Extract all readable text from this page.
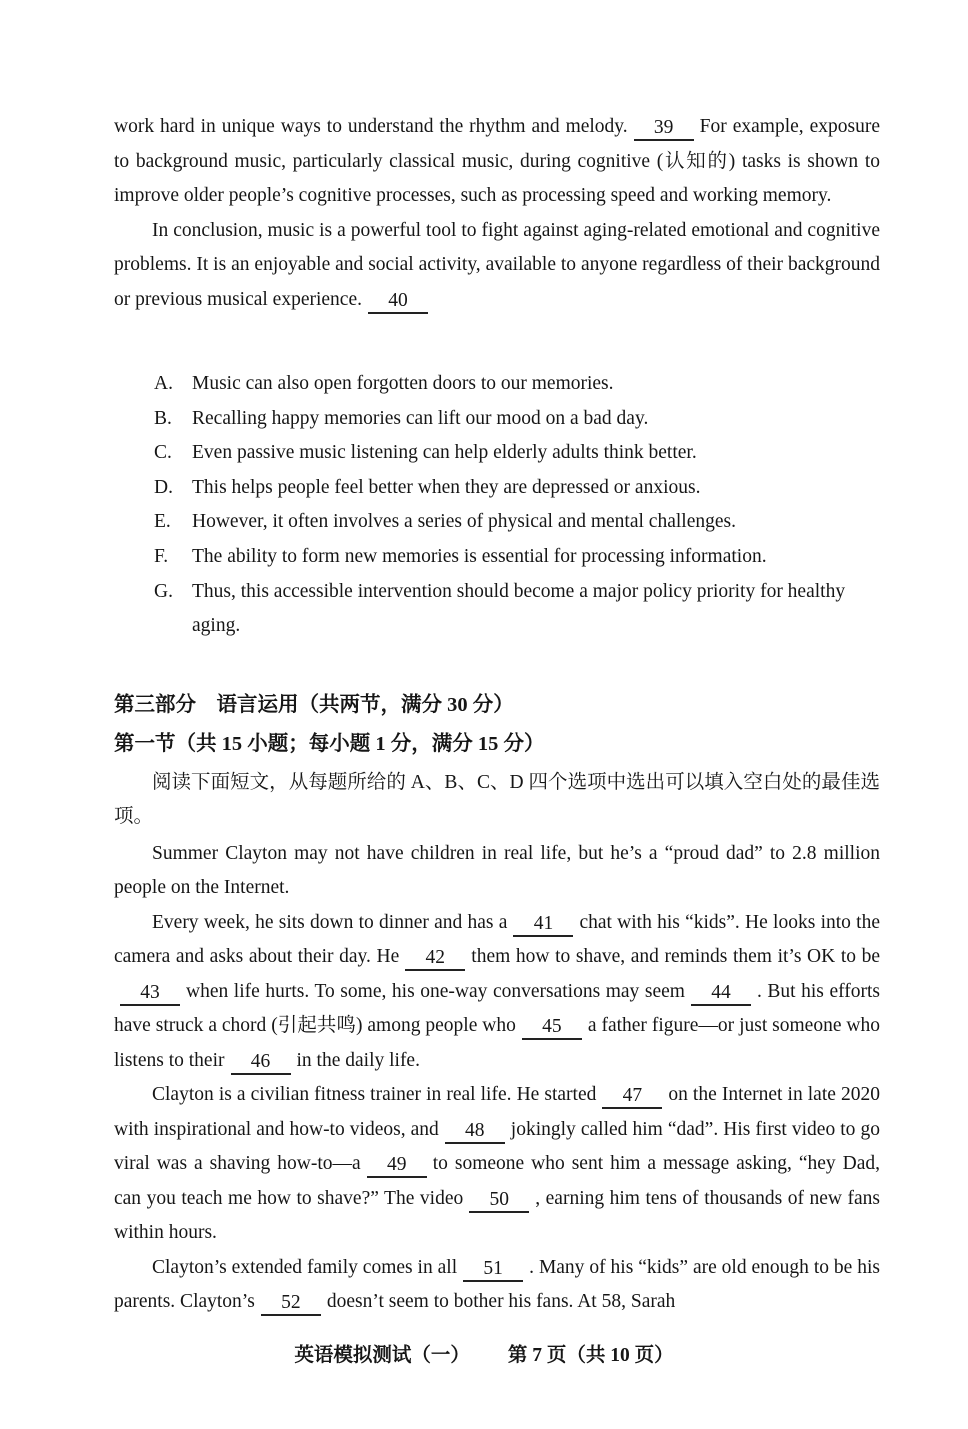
work hard in unique ways to understand the rhythm and melody. 39 For example, exposure to background music, particularly classical music, during cognitive (认知的) tasks is shown to improve older people’s cognitive processes, such as processing speed and working memory.

In conclusion, music is a powerful tool to fight against aging-related emotional and cognitive problems. It is an enjoyable and social activity, available to anyone regardless of their background or previous musical experience. 40

A. Music can also open forgotten doors to our memories.
B.	Recalling happy memories can lift our mood on a bad day.
C.	Even passive music listening can help elderly adults think better.
D. This helps people feel better when they are depressed or anxious.
E.	However, it often involves a series of physical and mental challenges.
F.	The ability to form new memories is essential for processing information.
G. Thus, this accessible intervention should become a major policy priority for healthy aging.
第三部分　语言运用（共两节，满分 30 分）
第一节（共 15 小题；每小题 1 分，满分 15 分）

阅读下面短文，从每题所给的 A、B、C、D 四个选项中选出可以填入空白处的最佳选项。

Summer Clayton may not have children in real life, but he’s a “proud dad” to 2.8 million people on the Internet.

Every week, he sits down to dinner and has a 41 chat with his “kids”. He looks into the camera and asks about their day. He 42 them how to shave, and reminds them it’s OK to be43 when life hurts. To some, his one-way conversations may seem 44 . But his efforts have struck a chord (引起共鸣) among people who 45 a father figure—or just someone who listens to their 46 in the daily life.

Clayton is a civilian fitness trainer in real life. He started 47 on the Internet in late 2020 with inspirational and how-to videos, and 48 jokingly called him “dad”. His first video to go viral was a shaving how-to—a 49 to someone who sent him a message asking, “hey Dad, can you teach me how to shave?” The video 50 , earning him tens of thousands of new fans within hours.

Clayton’s extended family comes in all 51 . Many of his “kids” are old enough to be his parents. Clayton’s 52 doesn’t seem to bother his fans. At 58, Sarah

英语模拟测试（一） 第 7 页（共 10 页）
